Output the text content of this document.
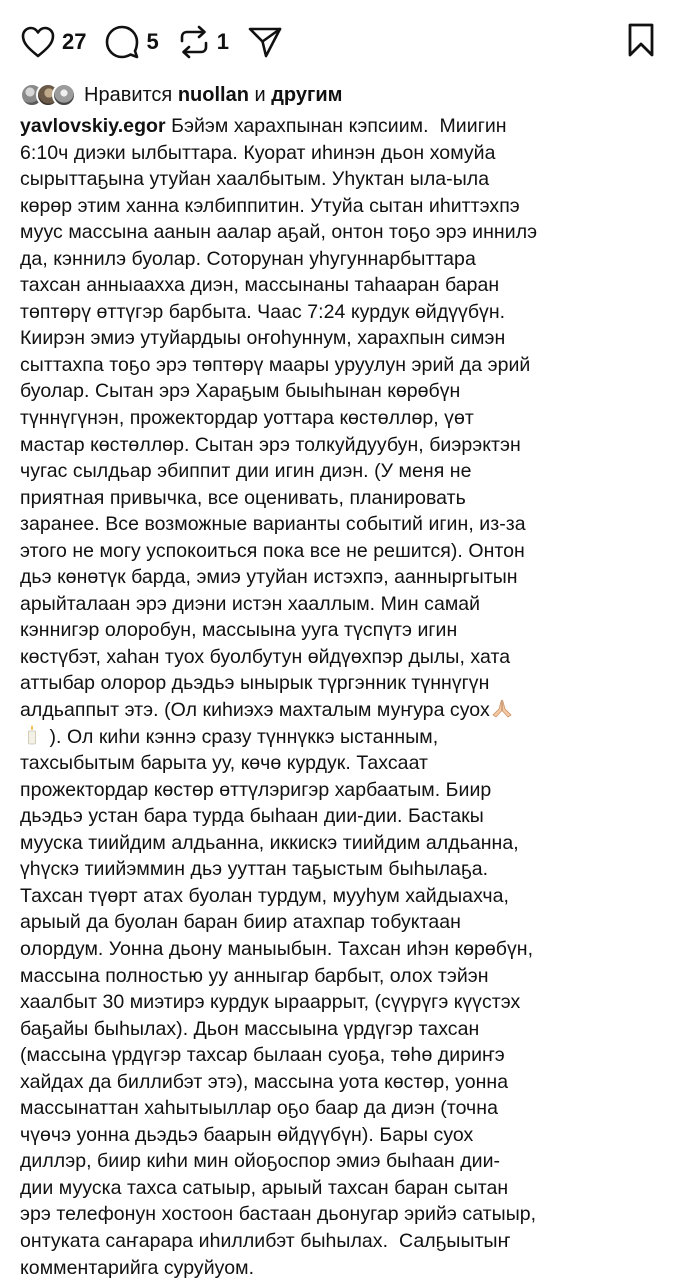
27	5	1
Нравится
nuollan
и
другим
yavlovskiy.egor Бэйэм харахпынан кэпсиим.  Миигин
6:10ч диэки ылбыттара. Куорат иһинэн дьон хомуйа
сырыттаҕына утуйан хаалбытым. Уһуктан ыла-ыла
көрөр этим ханна кэлбиппитин. Утуйа сытан иһиттэхпэ
муус массына аанын аалар аҕай, онтон тоҕо эрэ иннилэ
да, кэннилэ буолар. Соторунан уһугуннарбыттара
тахсан анныаахха диэн, массынаны таһааран баран
төптөрү өттүгэр барбыта. Чаас 7:24 курдук өйдүүбүн.
Киирэн эмиэ утуйардыы оҥоһуннум, харахпын симэн
сыттахпа тоҕо эрэ төптөрү маары уруулун эрий да эрий
буолар. Сытан эрэ Хараҕым быыһынан көрөбүн
түннүгүнэн, прожектордар уоттара көстөллөр, үөт
мастар көстөллөр. Сытан эрэ толкуйдуубун, биэрэктэн
чугас сылдьар эбиппит дии игин диэн. (У меня не
приятная привычка, все оценивать, планировать
заранее. Все возможные варианты событий игин, из-за
этого не могу успокоиться пока все не решится). Онтон
дьэ көнөтүк барда, эмиэ утуйан истэхпэ, аанныргытын
арыйталаан эрэ диэни истэн хааллым. Мин самай
кэннигэр олоробун, массыына ууга түспүтэ игин
көстүбэт, хаһан туох буолбутун өйдүөхпэр дылы, хата
аттыбар олорор дьэдьэ ынырык түргэнник түннүгүн
алдьаппыт этэ. (Ол киһиэхэ махталым муҥура суох
). Ол киһи кэннэ сразу түннүккэ ыстанным,
тахсыбытым барыта уу, көчө курдук. Тахсаат
прожектордар көстөр өттүлэригэр харбаатым. Биир
дьэдьэ устан бара турда быһаан дии-дии. Бастакы
мууска тиийдим алдьанна, иккискэ тиийдим алдьанна,
үһүскэ тиийэммин дьэ ууттан таҕыстым быһылаҕа.
Тахсан түөрт атах буолан турдум, мууһум хайдыахча,
арыый да буолан баран биир атахпар тобуктаан
олордум. Уонна дьону маныыбын. Тахсан иһэн көрөбүн,
массына полностью уу анныгар барбыт, олох тэйэн
хаалбыт 30 миэтирэ курдук ыраappыт, (сүүрүгэ күүстэх
баҕайы быһылах). Дьон массыына үрдүгэр тахсан
(массына үрдүгэр тахсар былаан суоҕа, төһө дириҥэ
хайдах да биллибэт этэ), массына уота көстөр, уонна
массынаттан хаһытыыллар оҕо баар да диэн (точна
чүөчэ уонна дьэдьэ баарын өйдүүбүн). Бары суох
диллэр, биир киһи мин ойоҕоспор эмиэ быһаан дии-
дии мууска тахса сатыыр, арыый тахсан баран сытан
эрэ телефонун хостоон бастаан дьонугар эрийэ сатыыр,
онтуката саҥарара иһиллибэт быһылах.  Салҕыытыҥ
комментарийга суруйуом.
